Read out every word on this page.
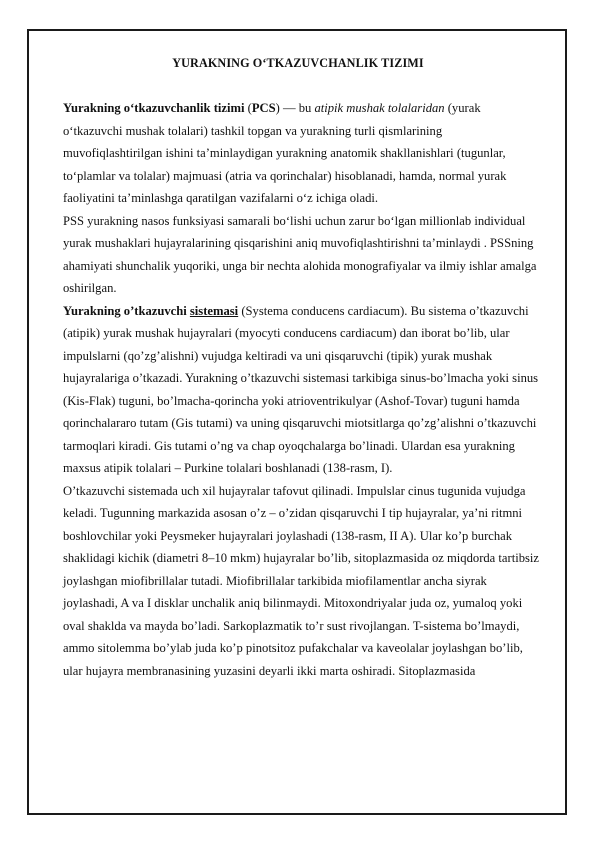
YURAKNING O‘TKAZUVCHANLIK TIZIMI

Yurakning o‘tkazuvchanlik tizimi (PCS) — bu atipik mushak tolalaridan (yurak o‘tkazuvchi mushak tolalari) tashkil topgan va yurakning turli qismlarining muvofiqlashtirilgan ishini ta’minlaydigan yurakning anatomik shakllanishlari (tugunlar, to‘plamlar va tolalar) majmuasi (atria va qorinchalar) hisoblanadi, hamda, normal yurak faoliyatini ta’minlashga qaratilgan vazifalarni o‘z ichiga oladi.

PSS yurakning nasos funksiyasi samarali bo‘lishi uchun zarur bo‘lgan millionlab individual yurak mushaklari hujayralarining qisqarishini aniq muvofiqlashtirishni ta’minlaydi . PSSning ahamiyati shunchalik yuqoriki, unga bir nechta alohida monografiyalar va ilmiy ishlar amalga oshirilgan.

Yurakning o’tkazuvchi sistemasi (Systema conducens cardiacum). Bu sistema o’tkazuvchi (atipik) yurak mushak hujayralari (myocyti conducens cardiacum) dan iborat bo’lib, ular impulslarni (qo’zg’alishni) vujudga keltiradi va uni qisqaruvchi (tipik) yurak mushak hujayralariga o’tkazadi. Yurakning o’tkazuvchi sistemasi tarkibiga sinus-bo’lmacha yoki sinus (Kis-Flak) tuguni, bo’lmacha-qorincha yoki atrioventrikulyar (Ashof-Tovar) tuguni hamda qorinchalararo tutam (Gis tutami) va uning qisqaruvchi miotsitlarga qo’zg’alishni o’tkazuvchi tarmoqlari kiradi. Gis tutami o’ng va chap oyoqchalarga bo’linadi. Ulardan esa yurakning maxsus atipik tolalari – Purkine tolalari boshlanadi (138-rasm, I).

O’tkazuvchi sistemada uch xil hujayralar tafovut qilinadi. Impulslar cinus tugunida vujudga keladi. Tugunning markazida asosan o’z – o’zidan qisqaruvchi I tip hujayralar, ya’ni ritmni boshlovchilar yoki Peysmeker hujayralari joylashadi (138-rasm, II A). Ular ko’p burchak shaklidagi kichik (diametri 8–10 mkm) hujayralar bo’lib, sitoplazmasida oz miqdorda tartibsiz joylashgan miofibrillalar tutadi. Miofibrillalar tarkibida miofilamentlar ancha siyrak joylashadi, A va I disklar unchalik aniq bilinmaydi. Mitoxondriyalar juda oz, yumaloq yoki oval shaklda va mayda bo’ladi. Sarkoplazmatik to’r sust rivojlangan. T-sistema bo’lmaydi, ammo sitolemma bo’ylab juda ko’p pinotsitoz pufakchalar va kaveolalar joylashgan bo’lib, ular hujayra membranasining yuzasini deyarli ikki marta oshiradi. Sitoplazmasida
